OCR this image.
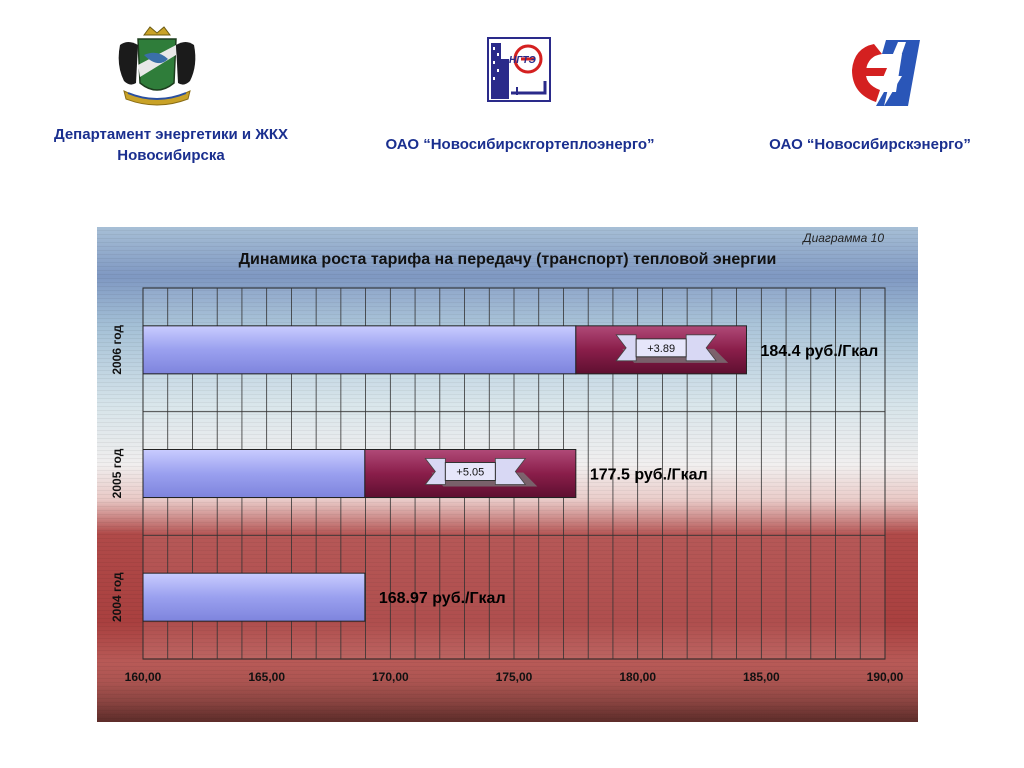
Департамент энергетики и ЖКХ
Новосибирска
НГТЭ
ОАО “Новосибирскгортеплоэнерго”	ОАО “Новосибирскэнерго”
Диаграмма 10
Динамика роста тарифа на передачу (транспорт) тепловой энергии
160,00	165,00	170,00	175,00	180,00	185,00	190,00
2006 год	+3.89	184.4 руб./Гкал
2005 год	+5.05	177.5 руб./Гкал
2004 год	168.97 руб./Гкал
